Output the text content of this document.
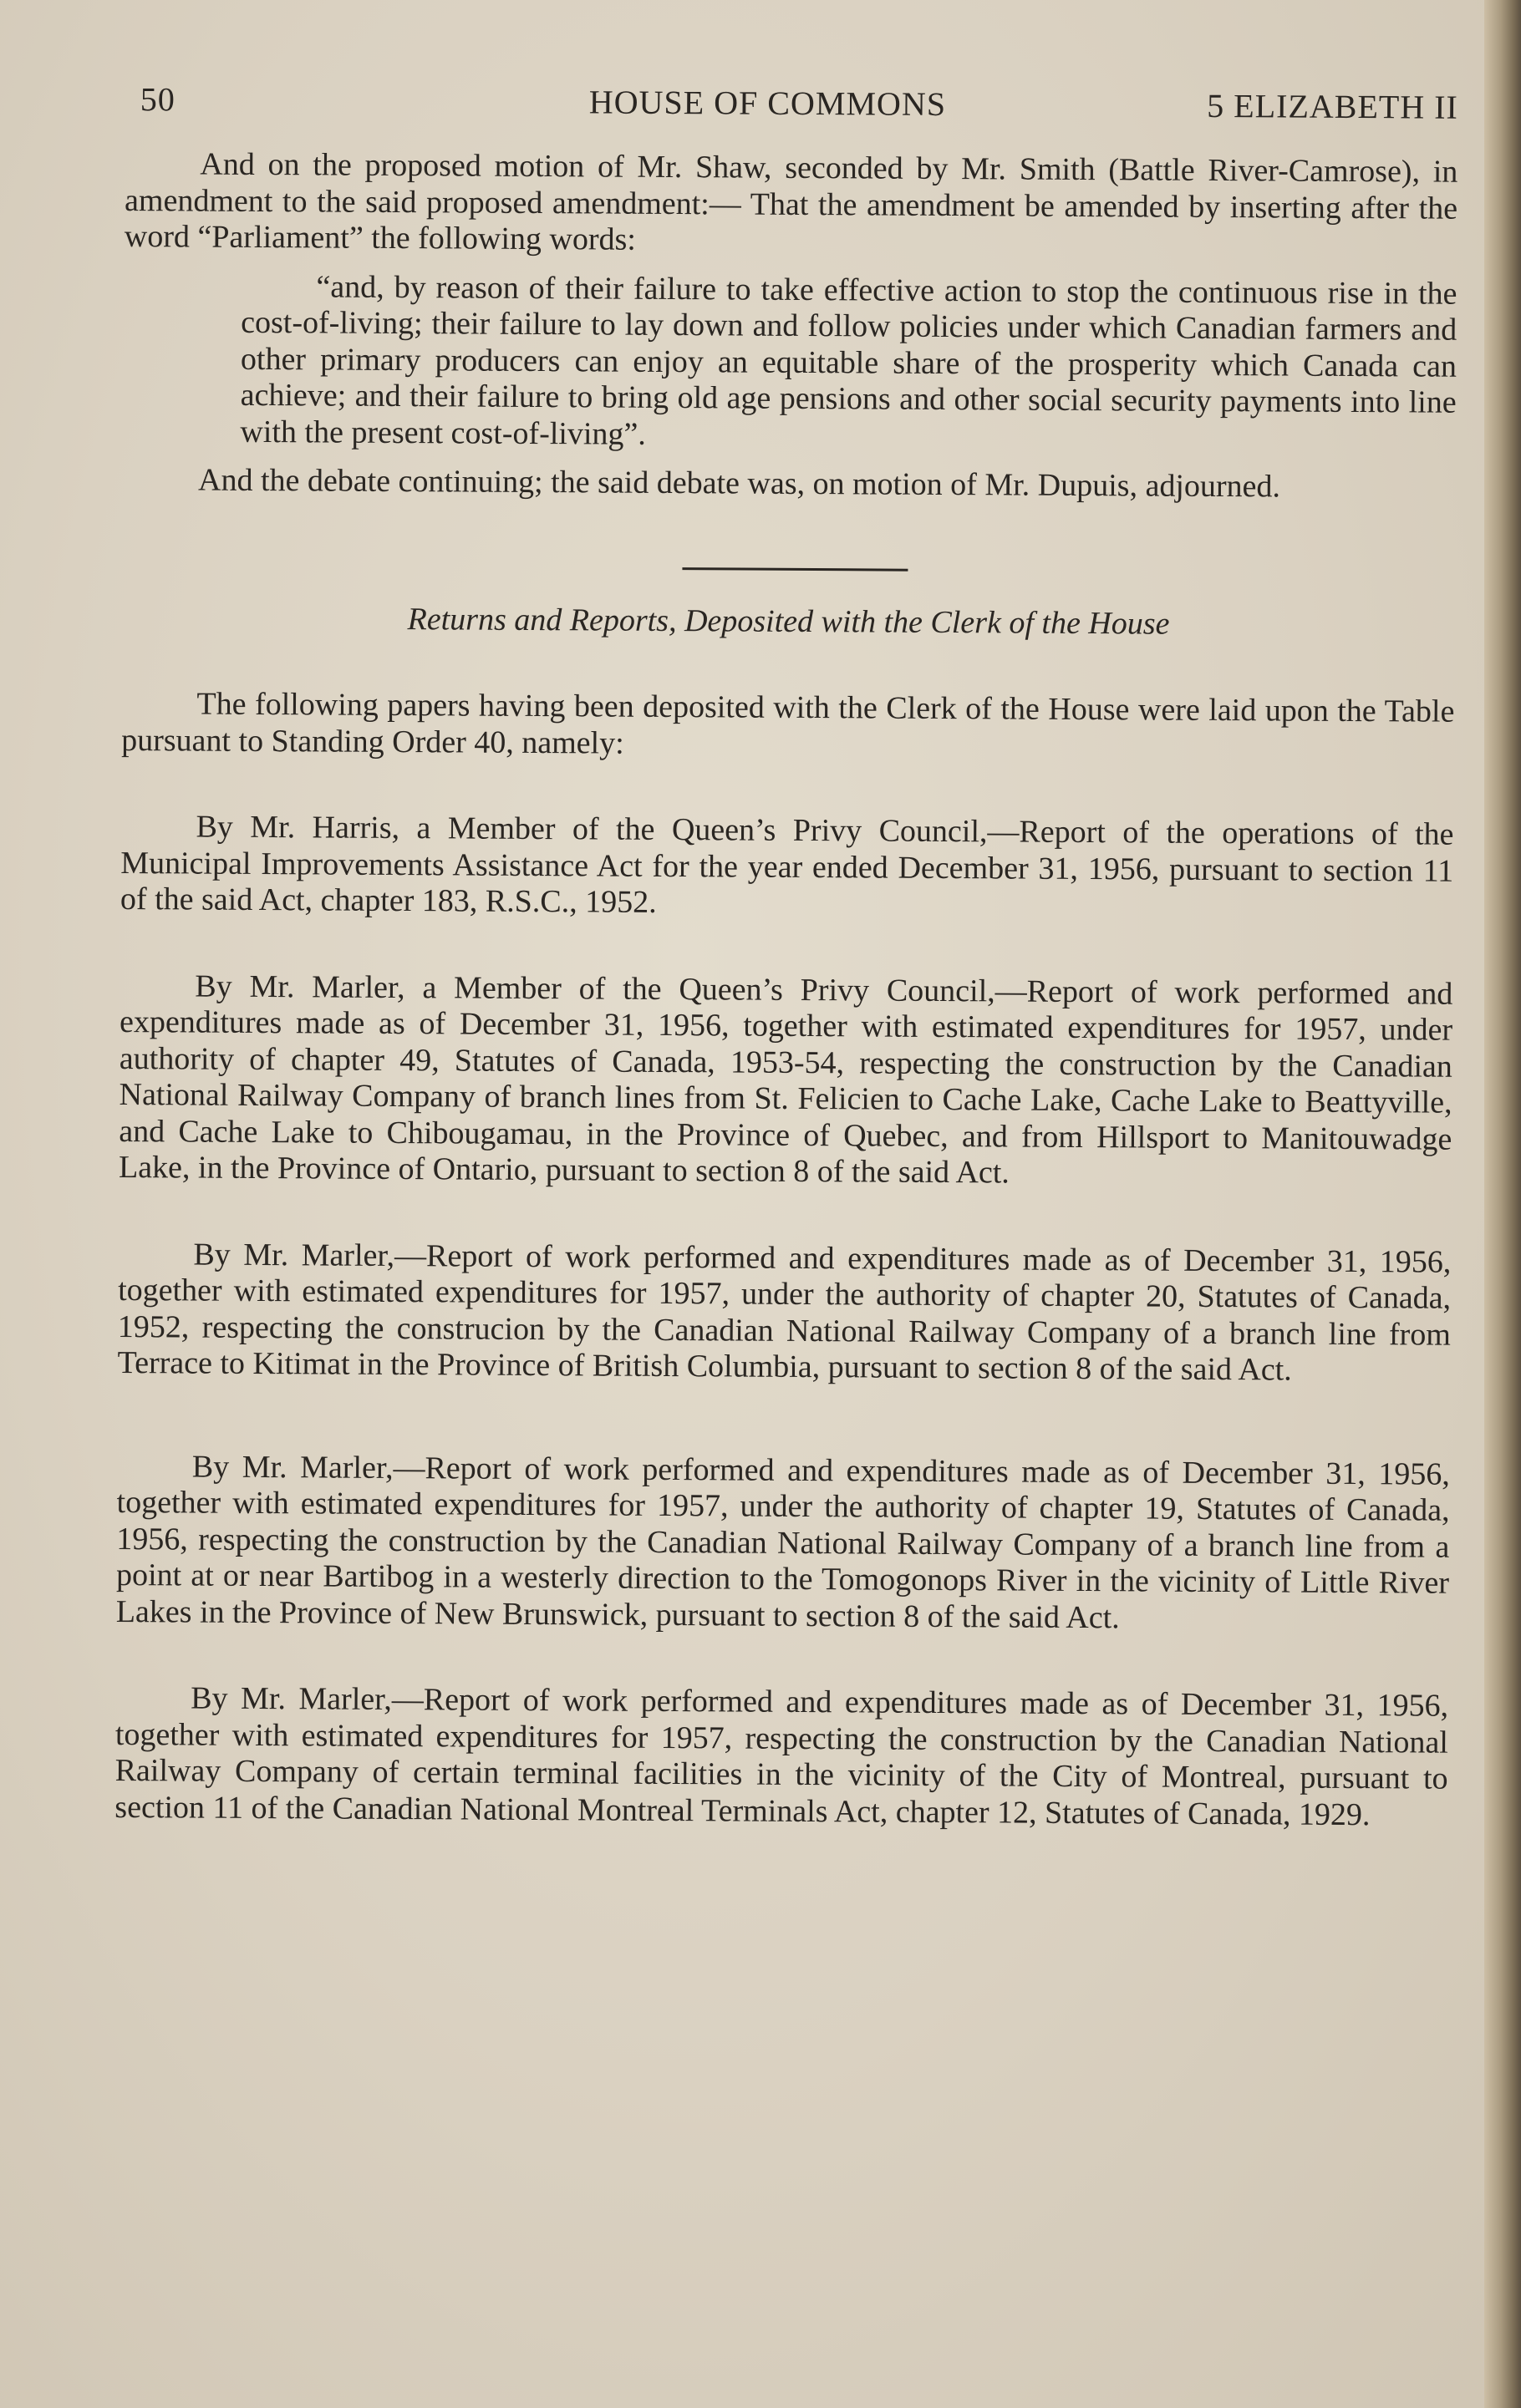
50	HOUSE OF COMMONS	5 ELIZABETH II

And on the proposed motion of Mr. Shaw, seconded by Mr. Smith (Battle River-Camrose), in amendment to the said proposed amendment:— That the amendment be amended by inserting after the word “Parliament” the following words:

“and, by reason of their failure to take effective action to stop the continuous rise in the cost-of-living; their failure to lay down and follow policies under which Canadian farmers and other primary producers can enjoy an equitable share of the prosperity which Canada can achieve; and their failure to bring old age pensions and other social security payments into line with the present cost-of-living”.

And the debate continuing; the said debate was, on motion of Mr. Dupuis, adjourned.

Returns and Reports, Deposited with the Clerk of the House

The following papers having been deposited with the Clerk of the House were laid upon the Table pursuant to Standing Order 40, namely:

By Mr. Harris, a Member of the Queen’s Privy Council,—Report of the operations of the Municipal Improvements Assistance Act for the year ended December 31, 1956, pursuant to section 11 of the said Act, chapter 183, R.S.C., 1952.

By Mr. Marler, a Member of the Queen’s Privy Council,—Report of work performed and expenditures made as of December 31, 1956, together with estimated expenditures for 1957, under authority of chapter 49, Statutes of Canada, 1953-54, respecting the construction by the Canadian National Railway Company of branch lines from St. Felicien to Cache Lake, Cache Lake to Beattyville, and Cache Lake to Chibougamau, in the Province of Quebec, and from Hillsport to Manitouwadge Lake, in the Province of Ontario, pursuant to section 8 of the said Act.

By Mr. Marler,—Report of work performed and expenditures made as of December 31, 1956, together with estimated expenditures for 1957, under the authority of chapter 20, Statutes of Canada, 1952, respecting the construcion by the Canadian National Railway Company of a branch line from Terrace to Kitimat in the Province of British Columbia, pursuant to section 8 of the said Act.

By Mr. Marler,—Report of work performed and expenditures made as of December 31, 1956, together with estimated expenditures for 1957, under the authority of chapter 19, Statutes of Canada, 1956, respecting the construction by the Canadian National Railway Company of a branch line from a point at or near Bartibog in a westerly direction to the Tomogonops River in the vicinity of Little River Lakes in the Province of New Brunswick, pursuant to section 8 of the said Act.

By Mr. Marler,—Report of work performed and expenditures made as of December 31, 1956, together with estimated expenditures for 1957, respecting the construction by the Canadian National Railway Company of certain terminal facilities in the vicinity of the City of Montreal, pursuant to section 11 of the Canadian National Montreal Terminals Act, chapter 12, Statutes of Canada, 1929.
